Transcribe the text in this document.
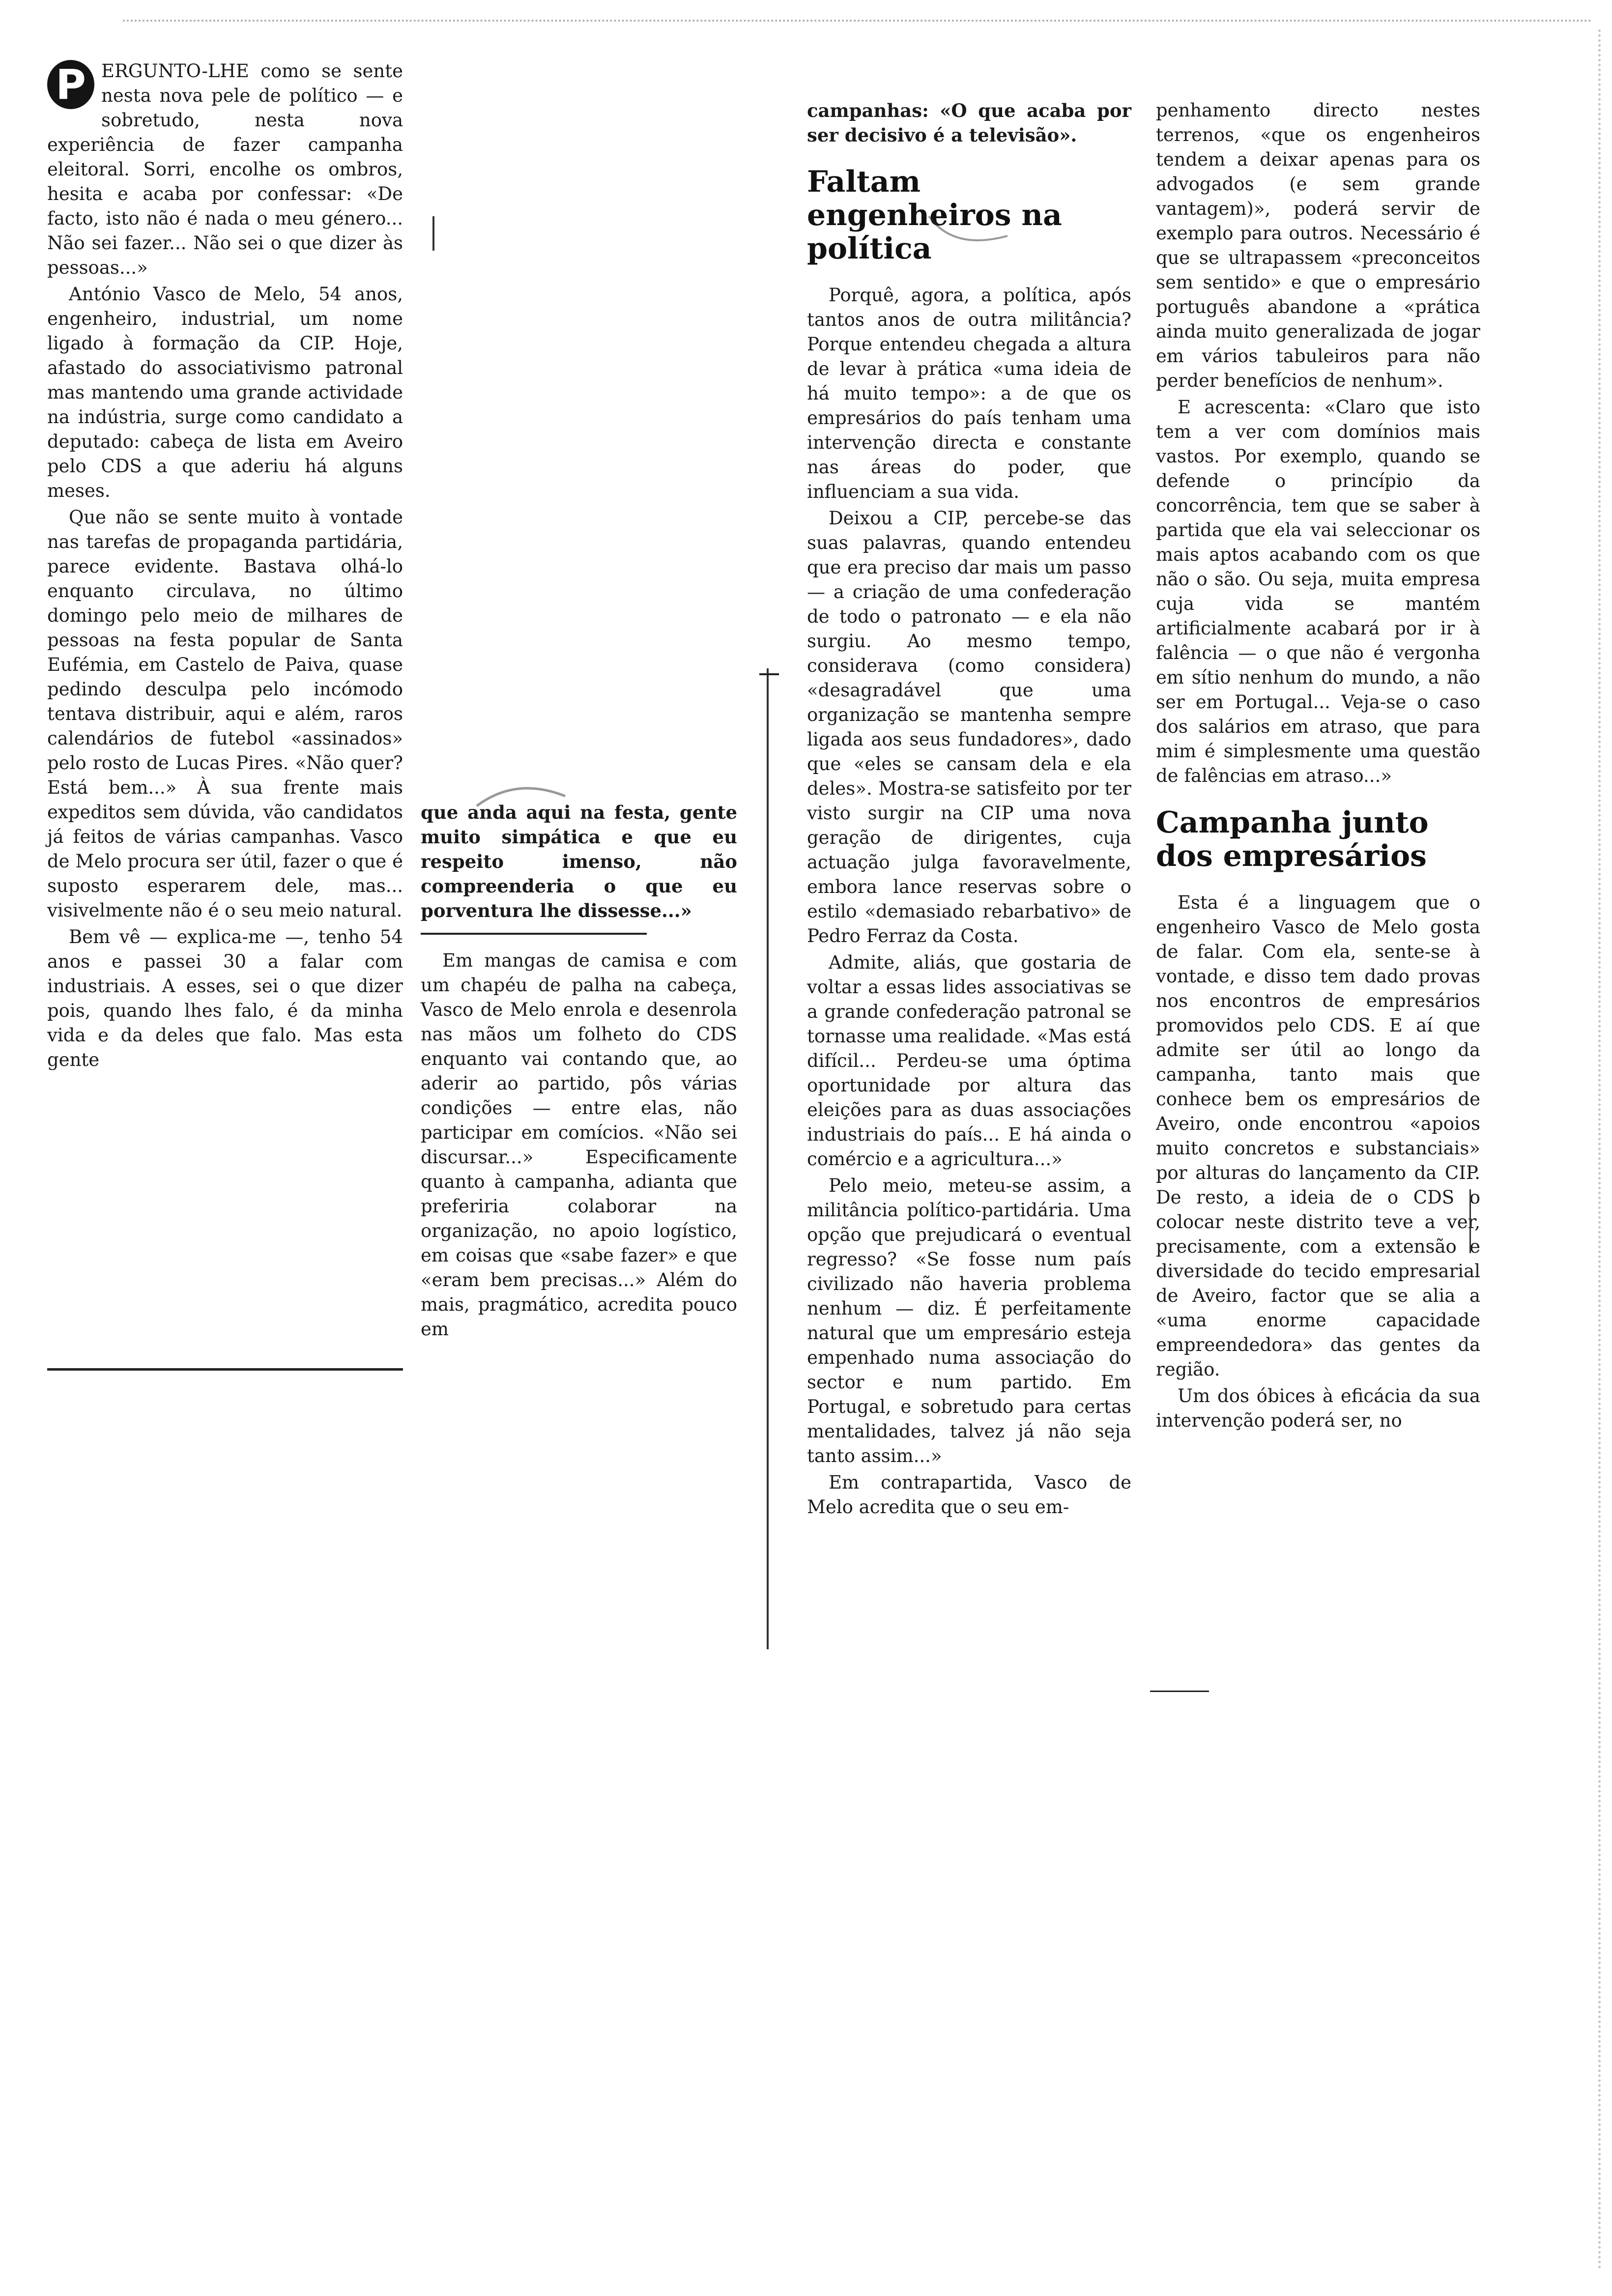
P ERGUNTO-LHE como se sente nesta nova pele de político — e sobretudo, nesta nova experiência de fazer campanha eleitoral. Sorri, encolhe os ombros, hesita e acaba por confessar: «De facto, isto não é nada o meu género... Não sei fazer... Não sei o que dizer às pessoas...»

António Vasco de Melo, 54 anos, engenheiro, industrial, um nome ligado à formação da CIP. Hoje, afastado do associativismo patronal mas mantendo uma grande actividade na indústria, surge como candidato a deputado: cabeça de lista em Aveiro pelo CDS a que aderiu há alguns meses.

Que não se sente muito à vontade nas tarefas de propaganda partidária, parece evidente. Bastava olhá-lo enquanto circulava, no último domingo pelo meio de milhares de pessoas na festa popular de Santa Eufémia, em Castelo de Paiva, quase pedindo desculpa pelo incómodo tentava distribuir, aqui e além, raros calendários de futebol «assinados» pelo rosto de Lucas Pires. «Não quer? Está bem...» À sua frente mais expeditos sem dúvida, vão candidatos já feitos de várias campanhas. Vasco de Melo procura ser útil, fazer o que é suposto esperarem dele, mas... visivelmente não é o seu meio natural.

Bem vê — explica-me —, tenho 54 anos e passei 30 a falar com industriais. A esses, sei o que dizer pois, quando lhes falo, é da minha vida e da deles que falo. Mas esta gente

que anda aqui na festa, gente muito simpática e que eu respeito imenso, não compreenderia o que eu porventura lhe dissesse...»

Em mangas de camisa e com um chapéu de palha na cabeça, Vasco de Melo enrola e desenrola nas mãos um folheto do CDS enquanto vai contando que, ao aderir ao partido, pôs várias condições — entre elas, não participar em comícios. «Não sei discursar...» Especificamente quanto à campanha, adianta que preferiria colaborar na organização, no apoio logístico, em coisas que «sabe fazer» e que «eram bem precisas...» Além do mais, pragmático, acredita pouco em

campanhas: «O que acaba por ser decisivo é a televisão».

Faltam engenheiros na política

Porquê, agora, a política, após tantos anos de outra militância? Porque entendeu chegada a altura de levar à prática «uma ideia de há muito tempo»: a de que os empresários do país tenham uma intervenção directa e constante nas áreas do poder, que influenciam a sua vida.

Deixou a CIP, percebe-se das suas palavras, quando entendeu que era preciso dar mais um passo — a criação de uma confederação de todo o patronato — e ela não surgiu. Ao mesmo tempo, considerava (como considera) «desagradável que uma organização se mantenha sempre ligada aos seus fundadores», dado que «eles se cansam dela e ela deles». Mostra-se satisfeito por ter visto surgir na CIP uma nova geração de dirigentes, cuja actuação julga favoravelmente, embora lance reservas sobre o estilo «demasiado rebarbativo» de Pedro Ferraz da Costa.

Admite, aliás, que gostaria de voltar a essas lides associativas se a grande confederação patronal se tornasse uma realidade. «Mas está difícil... Perdeu-se uma óptima oportunidade por altura das eleições para as duas associações industriais do país... E há ainda o comércio e a agricultura...»

Pelo meio, meteu-se assim, a militância político-partidária. Uma opção que prejudicará o eventual regresso? «Se fosse num país civilizado não haveria problema nenhum — diz. É perfeitamente natural que um empresário esteja empenhado numa associação do sector e num partido. Em Portugal, e sobretudo para certas mentalidades, talvez já não seja tanto assim...»

Em contrapartida, Vasco de Melo acredita que o seu em-

penhamento directo nestes terrenos, «que os engenheiros tendem a deixar apenas para os advogados (e sem grande vantagem)», poderá servir de exemplo para outros. Necessário é que se ultrapassem «preconceitos sem sentido» e que o empresário português abandone a «prática ainda muito generalizada de jogar em vários tabuleiros para não perder benefícios de nenhum».

E acrescenta: «Claro que isto tem a ver com domínios mais vastos. Por exemplo, quando se defende o princípio da concorrência, tem que se saber à partida que ela vai seleccionar os mais aptos acabando com os que não o são. Ou seja, muita empresa cuja vida se mantém artificialmente acabará por ir à falência — o que não é vergonha em sítio nenhum do mundo, a não ser em Portugal... Veja-se o caso dos salários em atraso, que para mim é simplesmente uma questão de falências em atraso...»

Campanha junto dos empresários

Esta é a linguagem que o engenheiro Vasco de Melo gosta de falar. Com ela, sente-se à vontade, e disso tem dado provas nos encontros de empresários promovidos pelo CDS. E aí que admite ser útil ao longo da campanha, tanto mais que conhece bem os empresários de Aveiro, onde encontrou «apoios muito concretos e substanciais» por alturas do lançamento da CIP. De resto, a ideia de o CDS o colocar neste distrito teve a ver, precisamente, com a extensão e diversidade do tecido empresarial de Aveiro, factor que se alia a «uma enorme capacidade empreendedora» das gentes da região.

Um dos óbices à eficácia da sua intervenção poderá ser, no
